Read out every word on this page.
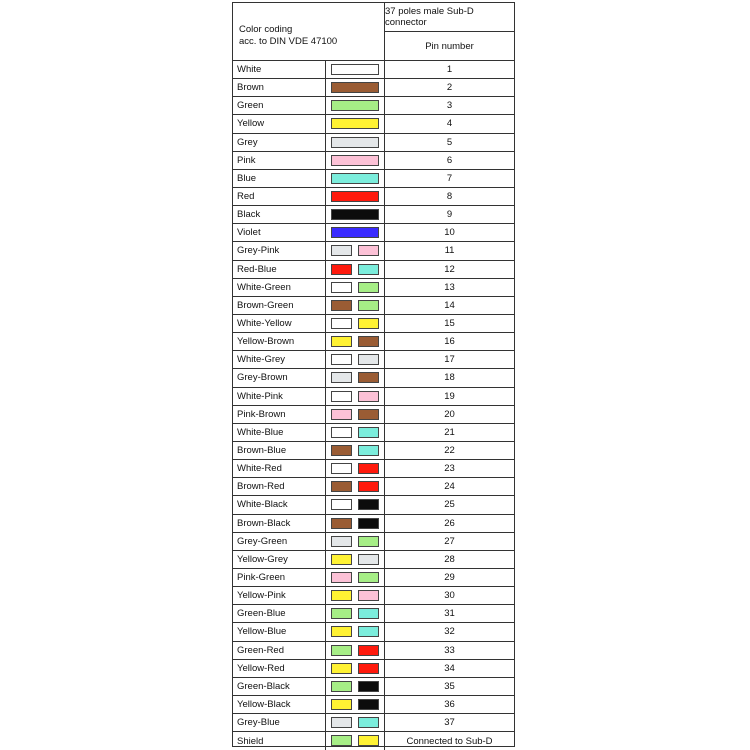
Color coding
acc. to DIN VDE 47100
37 poles male Sub-D connector
Pin number
White	1
Brown	2
Green	3
Yellow	4
Grey	5
Pink	6
Blue	7
Red	8
Black	9
Violet	10
Grey-Pink	11
Red-Blue	12
White-Green	13
Brown-Green	14
White-Yellow	15
Yellow-Brown	16
White-Grey	17
Grey-Brown	18
White-Pink	19
Pink-Brown	20
White-Blue	21
Brown-Blue	22
White-Red	23
Brown-Red	24
White-Black	25
Brown-Black	26
Grey-Green	27
Yellow-Grey	28
Pink-Green	29
Yellow-Pink	30
Green-Blue	31
Yellow-Blue	32
Green-Red	33
Yellow-Red	34
Green-Black	35
Yellow-Black	36
Grey-Blue	37
Shield	Connected to Sub-D
